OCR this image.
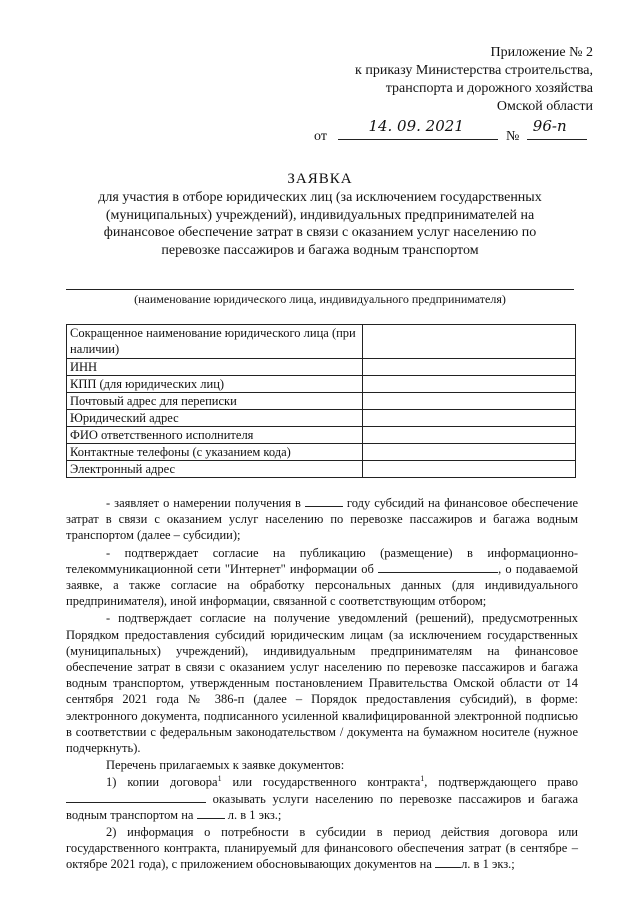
Приложение № 2
к приказу Министерства строительства,
транспорта и дорожного хозяйства
Омской области
от
14. 09. 2021
№
96-п
ЗАЯВКА
для участия в отборе юридических лиц (за исключением государственных
(муниципальных) учреждений), индивидуальных предпринимателей на
финансовое обеспечение затрат в связи с оказанием услуг населению по
перевозке пассажиров и багажа водным транспортом
(наименование юридического лица, индивидуального предпринимателя)
Сокращенное наименование юридического лица (при наличии)	
ИНН	
КПП (для юридических лиц)	
Почтовый адрес для переписки	
Юридический адрес	
ФИО ответственного исполнителя	
Контактные телефоны (с указанием кода)	
Электронный адрес	

- заявляет о намерении получения в	году субсидий на финансовое обеспечение затрат в связи с оказанием услуг населению по перевозке пассажиров и багажа водным транспортом (далее – субсидии);

- подтверждает согласие на публикацию (размещение) в информационно-телекоммуникационной сети "Интернет" информации об	, о подаваемой заявке, а также согласие на обработку персональных данных (для индивидуального предпринимателя), иной информации, связанной с соответствующим отбором;

- подтверждает согласие на получение уведомлений (решений), предусмотренных Порядком предоставления субсидий юридическим лицам (за исключением государственных (муниципальных) учреждений), индивидуальным предпринимателям на финансовое обеспечение затрат в связи с оказанием услуг населению по перевозке пассажиров и багажа водным транспортом, утвержденным постановлением Правительства Омской области от 14 сентября 2021 года № 386-п (далее – Порядок предоставления субсидий), в форме: электронного документа, подписанного усиленной квалифицированной электронной подписью в соответствии с федеральным законодательством / документа на бумажном носителе (нужное подчеркнуть).

Перечень прилагаемых к заявке документов:

1) копии договора$^1$ или государственного контракта$^1$, подтверждающего право  оказывать услуги населению по перевозке пассажиров и багажа водным транспортом на	л. в 1 экз.;

2) информация о потребности в субсидии в период действия договора или государственного контракта, планируемый для финансового обеспечения затрат (в сентябре – октябре 2021 года), с приложением обосновывающих документов на л. в 1 экз.;
